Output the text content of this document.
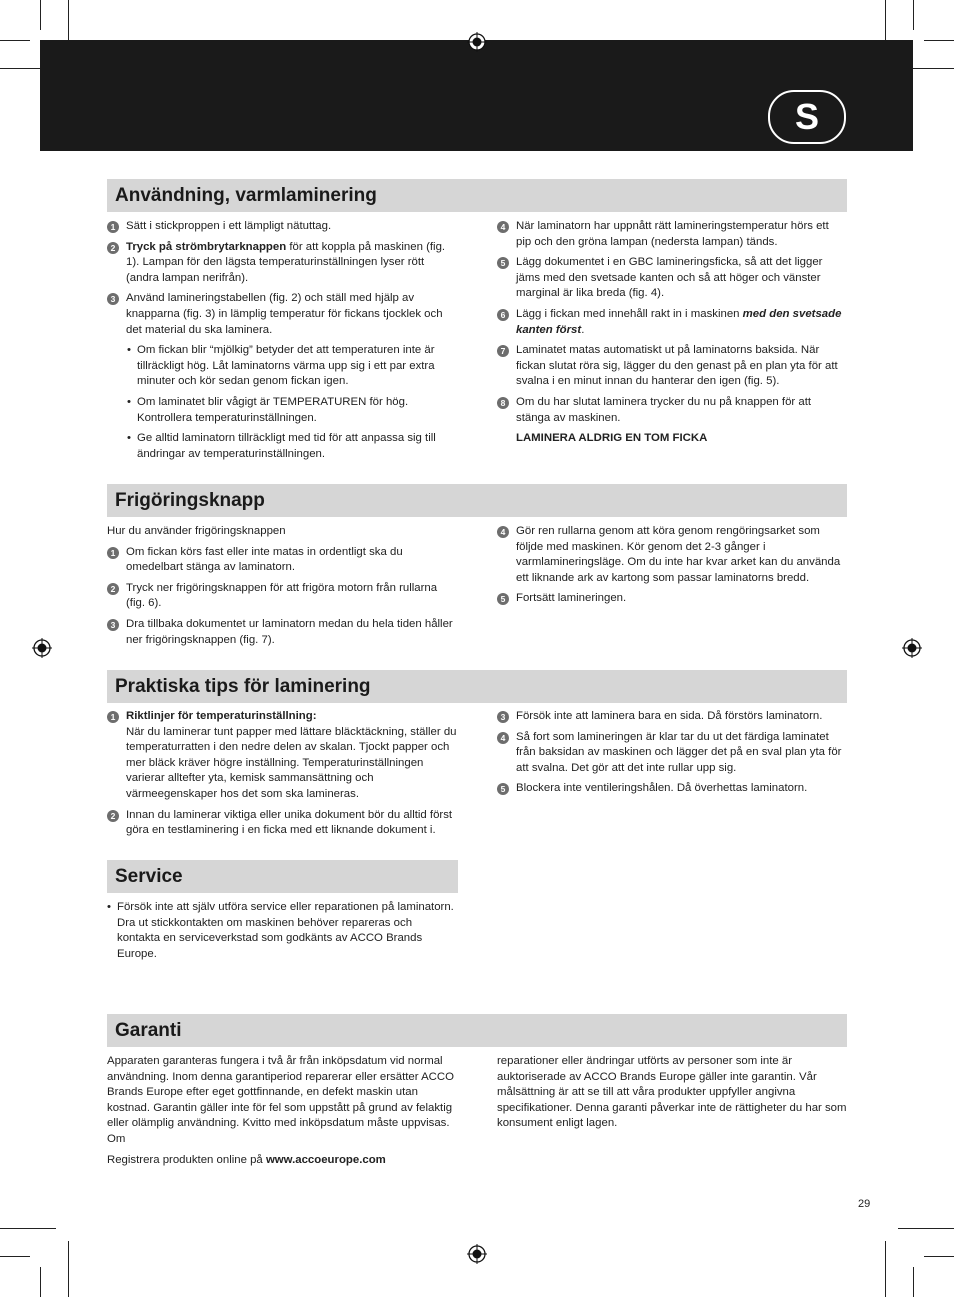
S
Användning, varmlaminering
1 Sätt i stickproppen i ett lämpligt nätuttag.
2 Tryck på strömbrytarknappen för att koppla på maskinen (fig. 1). Lampan för den lägsta temperaturinställningen lyser rött (andra lampan nerifrån).
3 Använd lamineringstabellen (fig. 2) och ställ med hjälp av knapparna (fig. 3) in lämplig temperatur för fickans tjocklek och det material du ska laminera.
• Om fickan blir “mjölkig” betyder det att temperaturen inte är tillräckligt hög. Låt laminatorns värma upp sig i ett par extra minuter och kör sedan genom fickan igen.
• Om laminatet blir vågigt är TEMPERATUREN för hög. Kontrollera temperaturinställningen.
• Ge alltid laminatorn tillräckligt med tid för att anpassa sig till ändringar av temperaturinställningen.
4 När laminatorn har uppnått rätt lamineringstemperatur hörs ett pip och den gröna lampan (nedersta lampan) tänds.
5 Lägg dokumentet i en GBC lamineringsficka, så att det ligger jäms med den svetsade kanten och så att höger och vänster marginal är lika breda (fig. 4).
6 Lägg i fickan med innehåll rakt in i maskinen med den svetsade kanten först.
7 Laminatet matas automatiskt ut på laminatorns baksida. När fickan slutat röra sig, lägger du den genast på en plan yta för att svalna i en minut innan du hanterar den igen (fig. 5).
8 Om du har slutat laminera trycker du nu på knappen för att stänga av maskinen.
LAMINERA ALDRIG EN TOM FICKA
Frigöringsknapp

Hur du använder frigöringsknappen

1 Om fickan körs fast eller inte matas in ordentligt ska du omedelbart stänga av laminatorn.
2 Tryck ner frigöringsknappen för att frigöra motorn från rullarna (fig. 6).
3 Dra tillbaka dokumentet ur laminatorn medan du hela tiden håller ner frigöringsknappen (fig. 7).
4 Gör ren rullarna genom att köra genom rengöringsarket som följde med maskinen. Kör genom det 2-3 gånger i varmlamineringsläge. Om du inte har kvar arket kan du använda ett liknande ark av kartong som passar laminatorns bredd.
5 Fortsätt lamineringen.
Praktiska tips för laminering
1 Riktlinjer för temperaturinställning:
När du laminerar tunt papper med lättare bläcktäckning, ställer du temperaturratten i den nedre delen av skalan. Tjockt papper och mer bläck kräver högre inställning. Temperaturinställningen varierar alltefter yta, kemisk sammansättning och värmeegenskaper hos det som ska lamineras.
2 Innan du laminerar viktiga eller unika dokument bör du alltid först göra en testlaminering i en ficka med ett liknande dokument i.
3 Försök inte att laminera bara en sida. Då förstörs laminatorn.
4 Så fort som lamineringen är klar tar du ut det färdiga laminatet från baksidan av maskinen och lägger det på en sval plan yta för att svalna. Det gör att det inte rullar upp sig.
5 Blockera inte ventileringshålen. Då överhettas laminatorn.
Service
• Försök inte att själv utföra service eller reparationen på laminatorn. Dra ut stickkontakten om maskinen behöver repareras och kontakta en serviceverkstad som godkänts av ACCO Brands Europe.
Garanti

Apparaten garanteras fungera i två år från inköpsdatum vid normal användning. Inom denna garantiperiod reparerar eller ersätter ACCO Brands Europe efter eget gottfinnande, en defekt maskin utan kostnad. Garantin gäller inte för fel som uppstått på grund av felaktig eller olämplig användning. Kvitto med inköpsdatum måste uppvisas. Om

Registrera produkten online på www.accoeurope.com

reparationer eller ändringar utförts av personer som inte är auktoriserade av ACCO Brands Europe gäller inte garantin. Vår målsättning är att se till att våra produkter uppfyller angivna specifikationer. Denna garanti påverkar inte de rättigheter du har som konsument enligt lagen.

29
